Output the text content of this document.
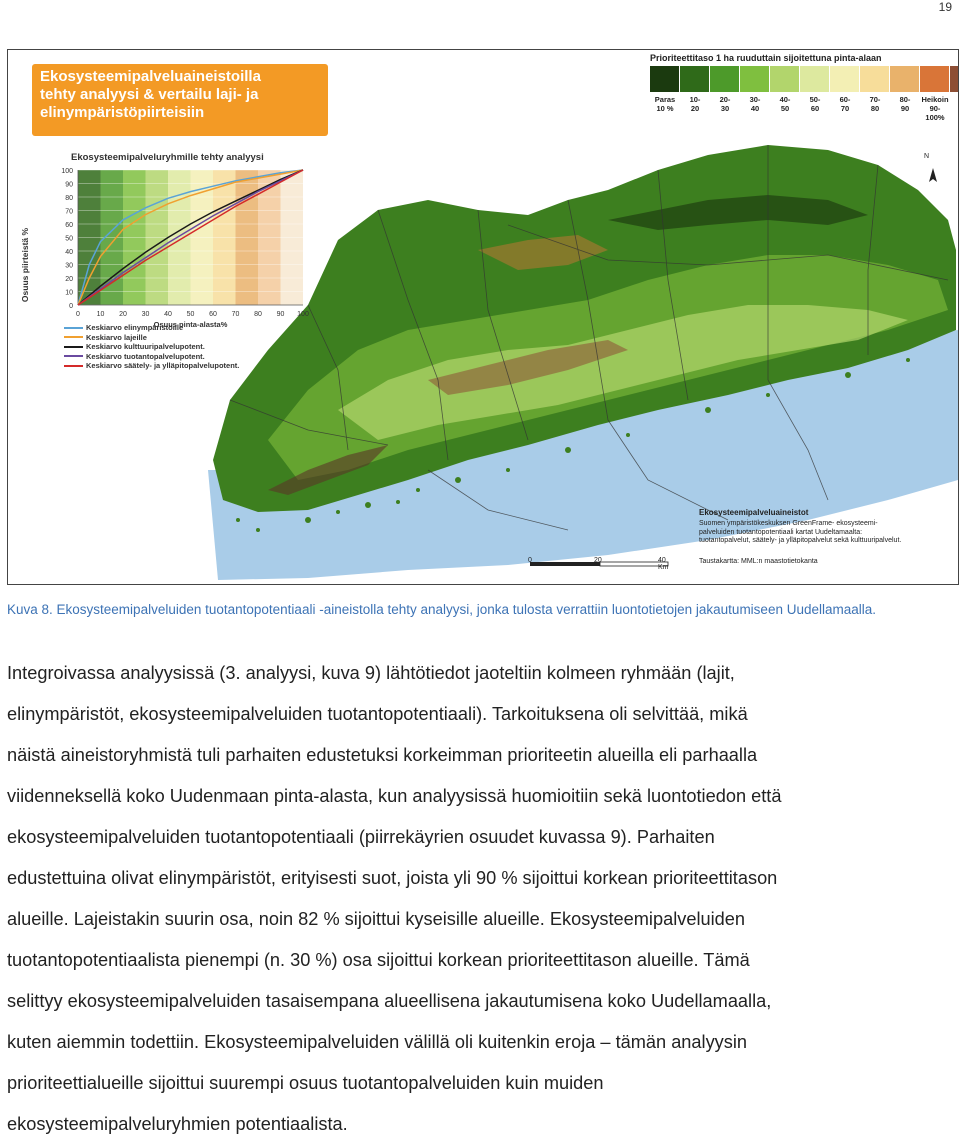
19
N
Ekosysteemipalveluaineistoilla
tehty analyysi & vertailu laji- ja
elinympäristöpiirteisiin
Ekosysteemipalveluryhmille tehty analyysi
Osuus piirteistä %
0
10
20
30
40
50
60
70
80
90
100
0 10 20 30 40 50 60 70 80 90 100
Osuus pinta-alasta%
Keskiarvo elinympäristöille
Keskiarvo lajeille
Keskiarvo kulttuuripalvelupotent.
Keskiarvo tuotantopalvelupotent.
Keskiarvo säätely- ja ylläpitopalvelupotent.
Prioriteettitaso 1 ha ruuduttain sijoitettuna pinta-alaan
Paras
10 %
10-
20
20-
30
30-
40
40-
50
50-
60
60-
70
70-
80
80-
90
Heikoin
90-100%
Ekosysteemipalveluaineistot
Suomen ympäristökeskuksen GreenFrame- ekosysteemi-
palveluiden tuotantopotentiaali kartat Uudeltamaalta:
tuotantopalvelut, säätely- ja ylläpitopalvelut sekä kulttuuripalvelut.
Taustakartta: MML:n maastotietokanta
0	20	40 Km
Kuva 8. Ekosysteemipalveluiden tuotantopotentiaali -aineistolla tehty analyysi, jonka tulosta verrattiin luontotietojen jakautumiseen Uudellamaalla.

Integroivassa analyysissä (3. analyysi, kuva 9) lähtötiedot jaoteltiin kolmeen ryhmään (lajit,

elinympäristöt, ekosysteemipalveluiden tuotantopotentiaali). Tarkoituksena oli selvittää, mikä

näistä aineistoryhmistä tuli parhaiten edustetuksi korkeimman prioriteetin alueilla eli parhaalla

viidenneksellä koko Uudenmaan pinta-alasta, kun analyysissä huomioitiin sekä luontotiedon että

ekosysteemipalveluiden tuotantopotentiaali (piirrekäyrien osuudet kuvassa 9). Parhaiten

edustettuina olivat elinympäristöt, erityisesti suot, joista yli 90 % sijoittui korkean prioriteettitason

alueille. Lajeistakin suurin osa, noin 82 % sijoittui kyseisille alueille. Ekosysteemipalveluiden

tuotantopotentiaalista pienempi (n. 30 %) osa sijoittui korkean prioriteettitason alueille. Tämä

selittyy ekosysteemipalveluiden tasaisempana alueellisena jakautumisena koko Uudellamaalla,

kuten aiemmin todettiin. Ekosysteemipalveluiden välillä oli kuitenkin eroja – tämän analyysin

prioriteettialueille sijoittui suurempi osuus tuotantopalveluiden kuin muiden

ekosysteemipalveluryhmien potentiaalista.
